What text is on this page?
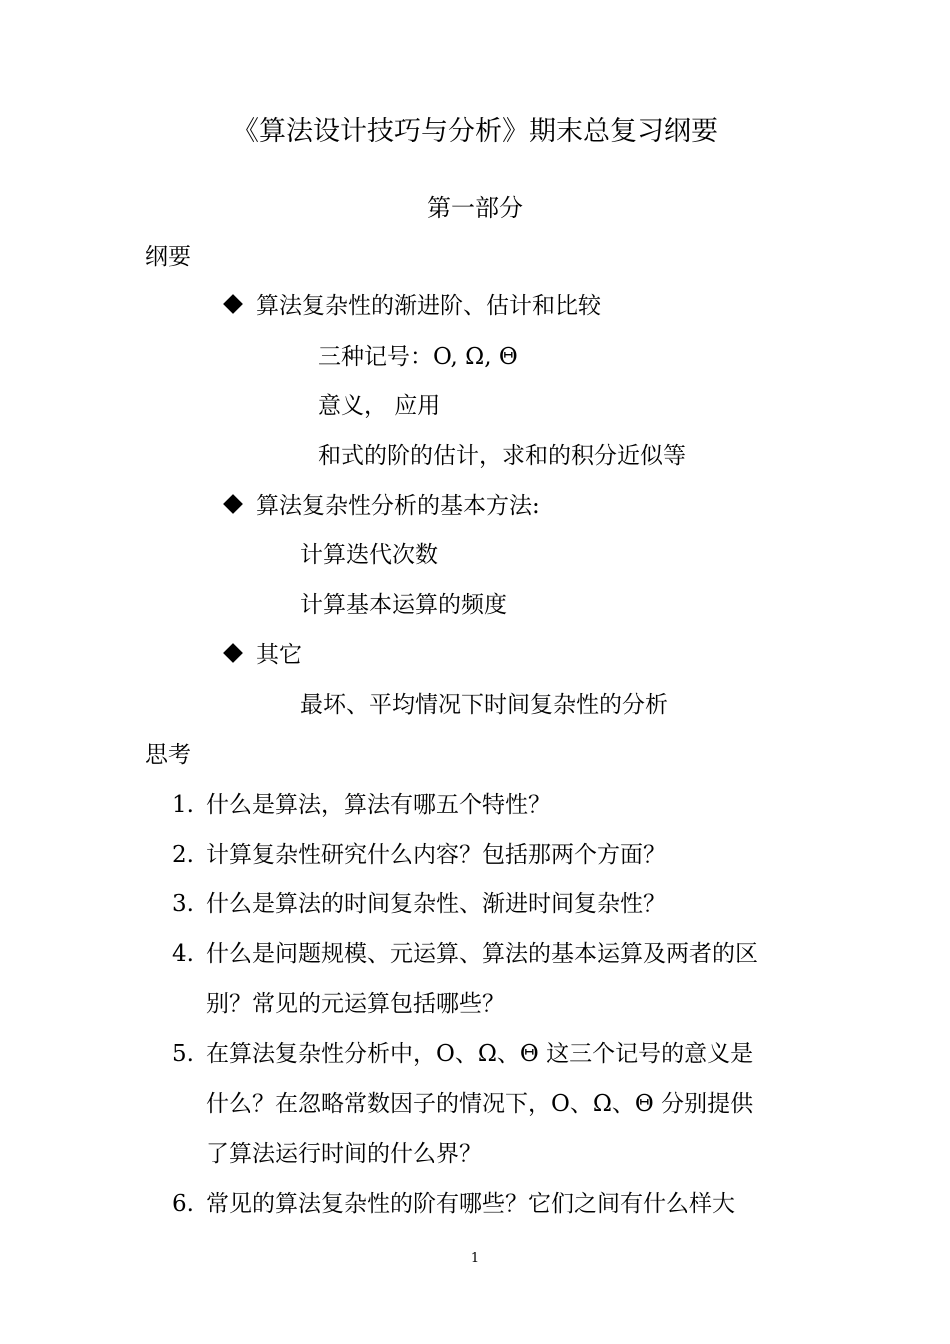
《算法设计技巧与分析》期末总复习纲要
第一部分
纲要
算法复杂性的渐进阶、估计和比较
三种记号：O, Ω, Θ
意义， 应用
和式的阶的估计，求和的积分近似等
算法复杂性分析的基本方法:
计算迭代次数
计算基本运算的频度
其它
最坏、平均情况下时间复杂性的分析
思考
1. 什么是算法，算法有哪五个特性？
2. 计算复杂性研究什么内容？包括那两个方面？
3. 什么是算法的时间复杂性、渐进时间复杂性？
4. 什么是问题规模、元运算、算法的基本运算及两者的区
别？常见的元运算包括哪些？
5. 在算法复杂性分析中，O、Ω、Θ 这三个记号的意义是
什么？在忽略常数因子的情况下，O、Ω、Θ 分别提供
了算法运行时间的什么界？
6. 常见的算法复杂性的阶有哪些？它们之间有什么样大
1
